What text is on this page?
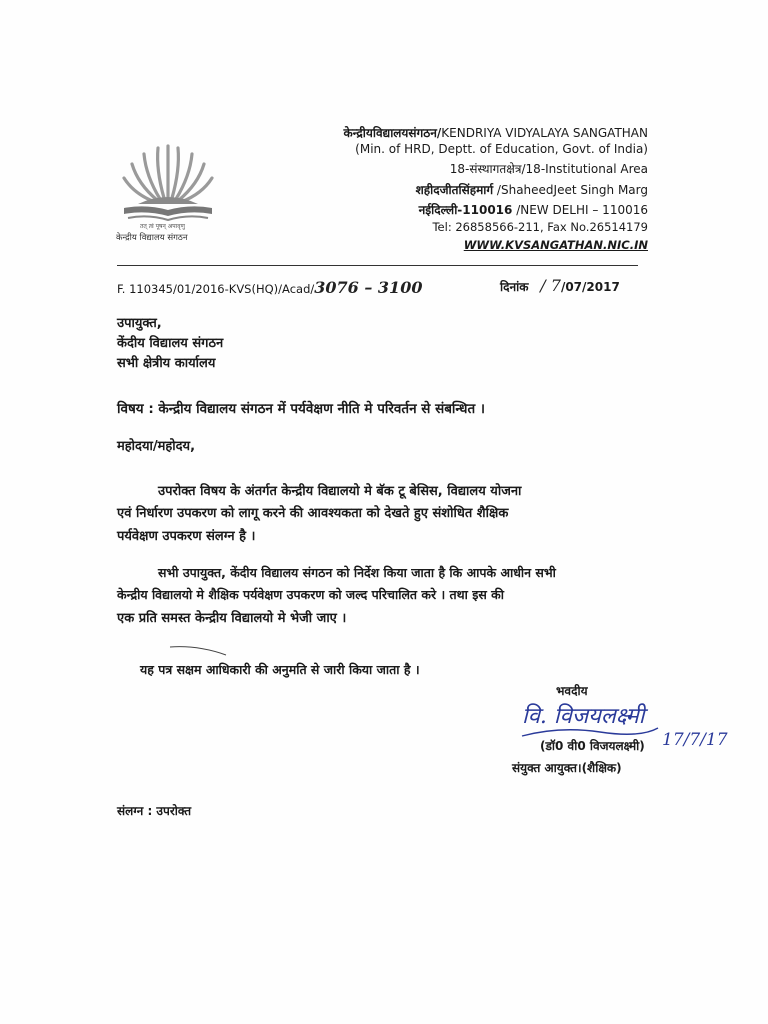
तत् त्वं पूषन् अपावृणु
केन्द्रीय विद्यालय संगठन
केन्द्रीयविद्यालयसंगठन/KENDRIYA VIDYALAYA SANGATHAN
(Min. of HRD, Deptt. of Education, Govt. of India)
18-संस्थागतक्षेत्र/18-Institutional Area
शहीदजीतसिंहमार्ग /ShaheedJeet Singh Marg
नईदिल्ली-110016 /NEW DELHI – 110016
Tel: 26858566-211, Fax No.26514179
WWW.KVSANGATHAN.NIC.IN
F. 110345/01/2016-KVS(HQ)/Acad/3076 – 3100	दिनांक / 7/07/2017
उपायुक्त,
केंदीय विद्यालय संगठन
सभी क्षेत्रीय कार्यालय
विषय : केन्द्रीय विद्यालय संगठन में पर्यवेक्षण नीति मे परिवर्तन से संबन्धित ।
महोदया/महोदय,
उपरोक्त विषय के अंतर्गत केन्द्रीय विद्यालयो मे बॅक टू बेसिस, विद्यालय योजना
एवं निर्धारण उपकरण को लागू करने की आवश्यकता को देखते हुए संशोधित शैक्षिक
पर्यवेक्षण उपकरण संलग्न है ।
सभी उपायुक्त, केंदीय विद्यालय संगठन को निर्देश किया जाता है कि आपके आधीन सभी
केन्द्रीय विद्यालयो मे शैक्षिक पर्यवेक्षण उपकरण को जल्द परिचालित करे । तथा इस की
एक प्रति समस्त केन्द्रीय विद्यालयो मे भेजी जाए ।
यह पत्र सक्षम आधिकारी की अनुमति से जारी किया जाता है ।
भवदीय
वि. विजयलक्ष्मी
17/7/17
(डॉ0 वी0 विजयलक्ष्मी)
संयुक्त आयुक्त।(शैक्षिक)
संलग्न : उपरोक्त
